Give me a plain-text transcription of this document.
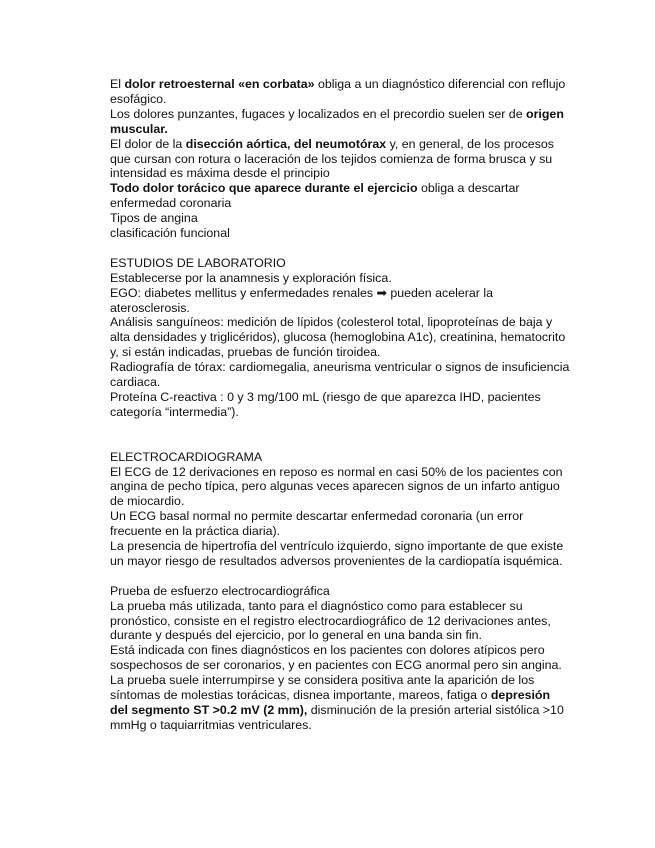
El dolor retroesternal «en corbata» obliga a un diagnóstico diferencial con reflujo esofágico.

Los dolores punzantes, fugaces y localizados en el precordio suelen ser de origen muscular.

El dolor de la disección aórtica, del neumotórax y, en general, de los procesos que cursan con rotura o laceración de los tejidos comienza de forma brusca y su intensidad es máxima desde el principio

Todo dolor torácico que aparece durante el ejercicio obliga a descartar enfermedad coronaria

Tipos de angina

clasificación funcional

ESTUDIOS DE LABORATORIO

Establecerse por la anamnesis y exploración física.

EGO: diabetes mellitus y enfermedades renales ➡ pueden acelerar la aterosclerosis.

Análisis sanguíneos: medición de lípidos (colesterol total, lipoproteínas de baja y alta densidades y triglicéridos), glucosa (hemoglobina A1c), creatinina, hematocrito y, si están indicadas, pruebas de función tiroidea.

Radiografía de tórax: cardiomegalia, aneurisma ventricular o signos de insuficiencia cardiaca.

Proteína C-reactiva : 0 y 3 mg/100 mL (riesgo de que aparezca IHD, pacientes categoría “intermedia”).

ELECTROCARDIOGRAMA

El ECG de 12 derivaciones en reposo es normal en casi 50% de los pacientes con angina de pecho típica, pero algunas veces aparecen signos de un infarto antiguo de miocardio.

Un ECG basal normal no permite descartar enfermedad coronaria (un error frecuente en la práctica diaria).

La presencia de hipertrofia del ventrículo izquierdo, signo importante de que existe un mayor riesgo de resultados adversos provenientes de la cardiopatía isquémica.

Prueba de esfuerzo electrocardiográfica

La prueba más utilizada, tanto para el diagnóstico como para establecer su pronóstico, consiste en el registro electrocardiográfico de 12 derivaciones antes, durante y después del ejercicio, por lo general en una banda sin fin.

Está indicada con fines diagnósticos en los pacientes con dolores atípicos pero sospechosos de ser coronarios, y en pacientes con ECG anormal pero sin angina.

La prueba suele interrumpirse y se considera positiva ante la aparición de los síntomas de molestias torácicas, disnea importante, mareos, fatiga o depresión del segmento ST >0.2 mV (2 mm), disminución de la presión arterial sistólica >10 mmHg o taquiarritmias ventriculares.
